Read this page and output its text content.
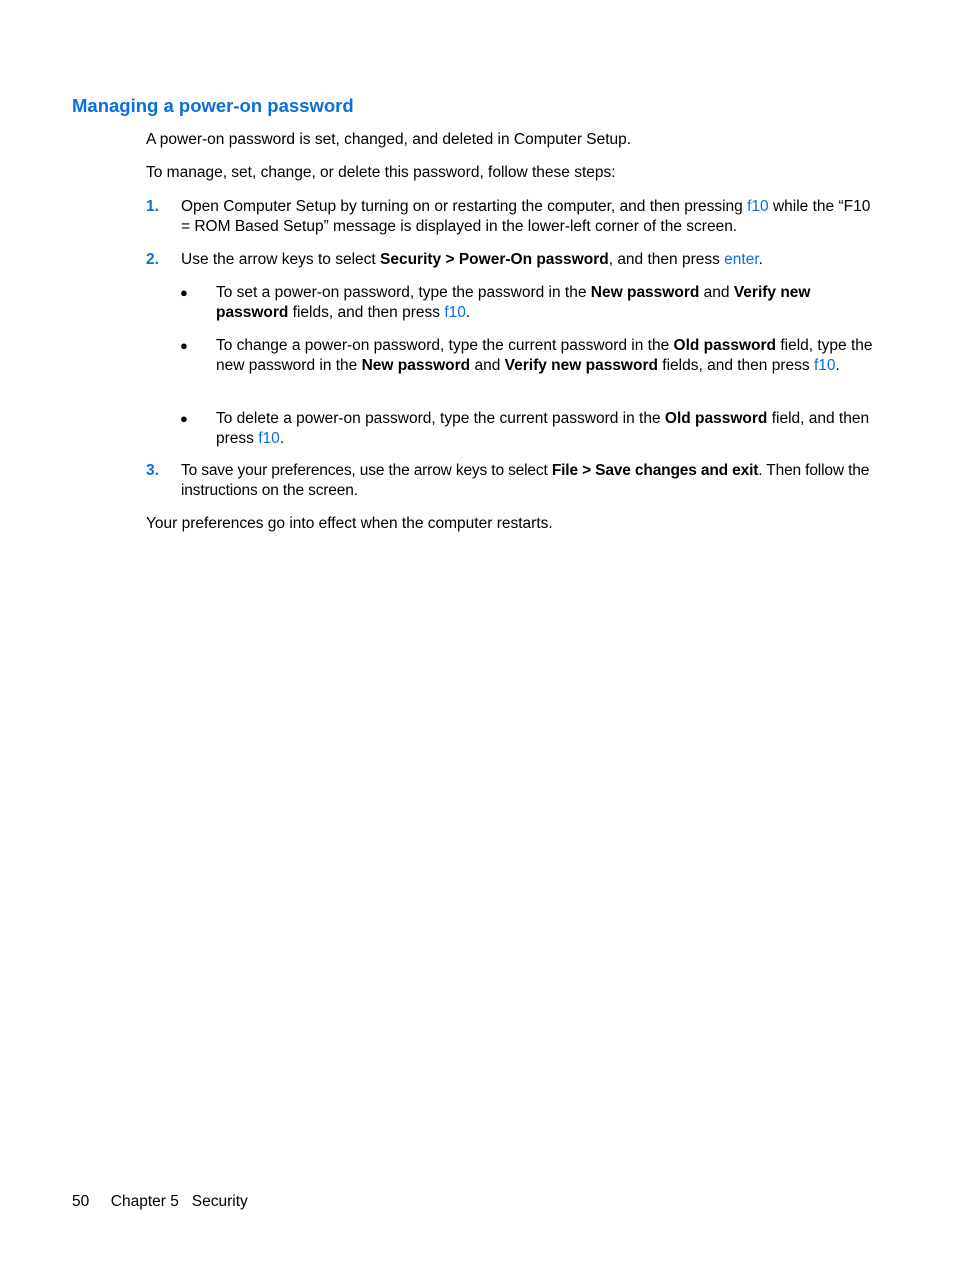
Managing a power-on password

A power-on password is set, changed, and deleted in Computer Setup.

To manage, set, change, or delete this password, follow these steps:

1. Open Computer Setup by turning on or restarting the computer, and then pressing f10 while the “F10 = ROM Based Setup” message is displayed in the lower-left corner of the screen.
2. Use the arrow keys to select Security > Power-On password, and then press enter.
● To set a power-on password, type the password in the New password and Verify new password fields, and then press f10.
● To change a power-on password, type the current password in the Old password field, type the new password in the New password and Verify new password fields, and then press f10.
● To delete a power-on password, type the current password in the Old password field, and then press f10.
3. To save your preferences, use the arrow keys to select File > Save changes and exit. Then follow the instructions on the screen.

Your preferences go into effect when the computer restarts.

50 Chapter 5 Security
